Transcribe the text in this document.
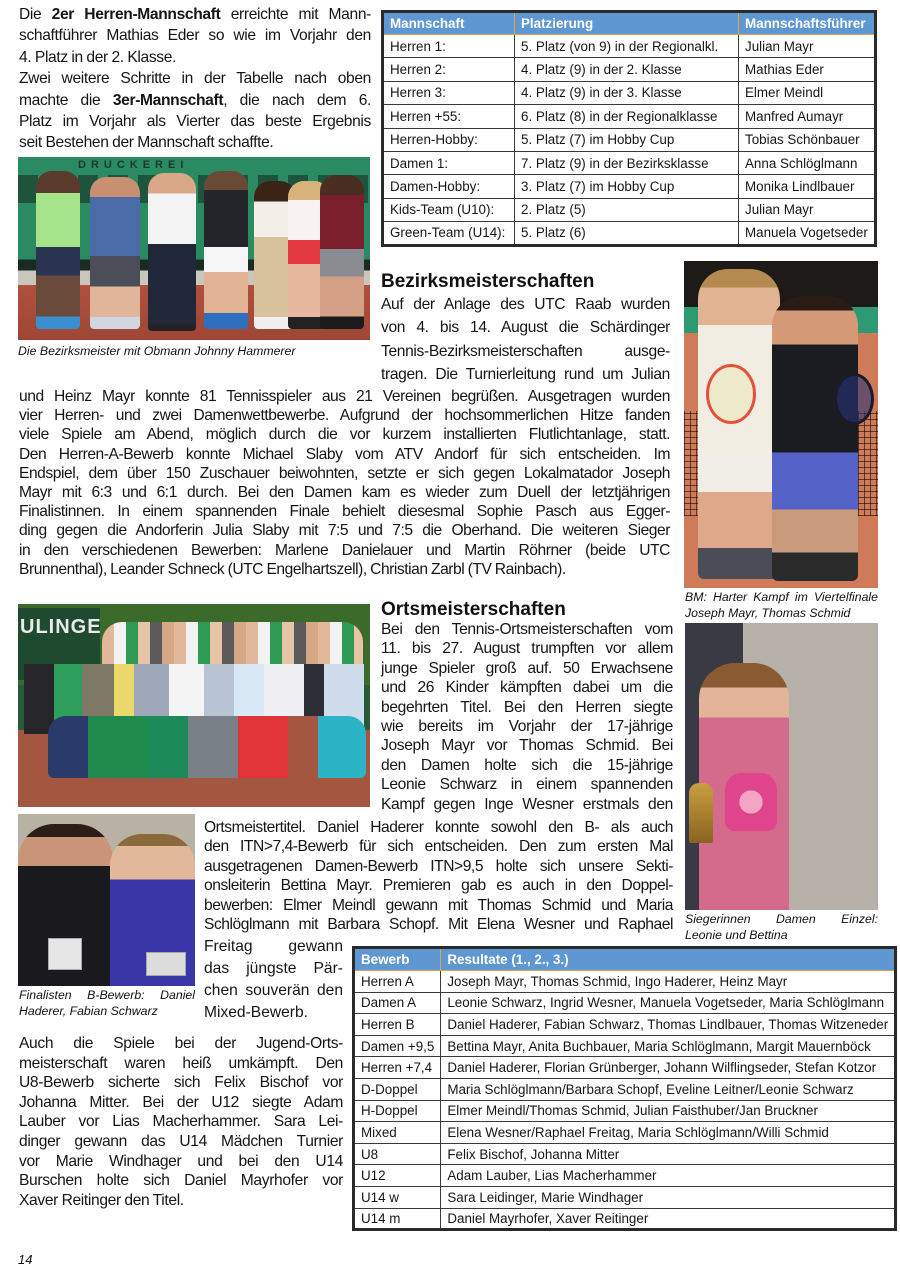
Die 2er Herren-Mannschaft erreichte mit Mann-
schaftführer Mathias Eder so wie im Vorjahr den
4. Platz in der 2. Klasse.
Zwei weitere Schritte in der Tabelle nach oben
machte die 3er-Mannschaft, die nach dem 6.
Platz im Vorjahr als Vierter das beste Ergebnis
seit Bestehen der Mannschaft schaffte.
Mannschaft	Platzierung	Mannschaftsführer
Herren 1:	5. Platz (von 9) in der Regionalkl.	Julian Mayr
Herren 2:	4. Platz (9) in der 2. Klasse	Mathias Eder
Herren 3:	4. Platz (9) in der 3. Klasse	Elmer Meindl
Herren +55:	6. Platz (8) in der Regionalklasse	Manfred Aumayr
Herren-Hobby:	5. Platz (7) im Hobby Cup	Tobias Schönbauer
Damen 1:	7. Platz (9) in der Bezirksklasse	Anna Schlöglmann
Damen-Hobby:	3. Platz (7) im Hobby Cup	Monika Lindlbauer
Kids-Team (U10):	2. Platz (5)	Julian Mayr
Green-Team (U14):	5. Platz (6)	Manuela Vogetseder
DRUCKEREI
Die Bezirksmeister mit Obmann Johnny Hammerer
Bezirksmeisterschaften
Auf der Anlage des UTC Raab wurden
von 4. bis 14. August die Schärdinger
Tennis-Bezirksmeisterschaften ausge-
tragen. Die Turnierleitung rund um Julian
und Heinz Mayr konnte 81 Tennisspieler aus 21 Vereinen begrüßen. Ausgetragen wurden
vier Herren- und zwei Damenwettbewerbe. Aufgrund der hochsommerlichen Hitze fanden
viele Spiele am Abend, möglich durch die vor kurzem installierten Flutlichtanlage, statt.
Den Herren-A-Bewerb konnte Michael Slaby vom ATV Andorf für sich entscheiden. Im
Endspiel, dem über 150 Zuschauer beiwohnten, setzte er sich gegen Lokalmatador Joseph
Mayr mit 6:3 und 6:1 durch. Bei den Damen kam es wieder zum Duell der letztjährigen
Finalistinnen. In einem spannenden Finale behielt diesesmal Sophie Pasch aus Egger-
ding gegen die Andorferin Julia Slaby mit 7:5 und 7:5 die Oberhand. Die weiteren Sieger
in den verschiedenen Bewerben: Marlene Danielauer und Martin Röhrner (beide UTC
Brunnenthal), Leander Schneck (UTC Engelhartszell), Christian Zarbl (TV Rainbach).
BM: Harter Kampf im Viertelfinale
Joseph Mayr, Thomas Schmid
ULINGE
Ortsmeisterschaften
Bei den Tennis-Ortsmeisterschaften vom
11. bis 27. August trumpften vor allem
junge Spieler groß auf. 50 Erwachsene
und 26 Kinder kämpften dabei um die
begehrten Titel. Bei den Herren siegte
wie bereits im Vorjahr der 17-jährige
Joseph Mayr vor Thomas Schmid. Bei
den Damen holte sich die 15-jährige
Leonie Schwarz in einem spannenden
Kampf gegen Inge Wesner erstmals den
Siegerinnen Damen Einzel:
Leonie und Bettina
Finalisten B-Bewerb: Daniel
Haderer, Fabian Schwarz
Ortsmeistertitel. Daniel Haderer konnte sowohl den B- als auch
den ITN>7,4-Bewerb für sich entscheiden. Den zum ersten Mal
ausgetragenen Damen-Bewerb ITN>9,5 holte sich unsere Sekti-
onsleiterin Bettina Mayr. Premieren gab es auch in den Doppel-
bewerben: Elmer Meindl gewann mit Thomas Schmid und Maria
Schlöglmann mit Barbara Schopf. Mit Elena Wesner und Raphael
Freitag gewann
das jüngste Pär-
chen souverän den
Mixed-Bewerb.
Bewerb	Resultate (1., 2., 3.)
Herren A	Joseph Mayr, Thomas Schmid, Ingo Haderer, Heinz Mayr
Damen A	Leonie Schwarz, Ingrid Wesner, Manuela Vogetseder, Maria Schlöglmann
Herren B	Daniel Haderer, Fabian Schwarz, Thomas Lindlbauer, Thomas Witzeneder
Damen +9,5	Bettina Mayr, Anita Buchbauer, Maria Schlöglmann, Margit Mauernböck
Herren +7,4	Daniel Haderer, Florian Grünberger, Johann Wilflingseder, Stefan Kotzor
D-Doppel	Maria Schlöglmann/Barbara Schopf, Eveline Leitner/Leonie Schwarz
H-Doppel	Elmer Meindl/Thomas Schmid, Julian Faisthuber/Jan Bruckner
Mixed	Elena Wesner/Raphael Freitag, Maria Schlöglmann/Willi Schmid
U8	Felix Bischof, Johanna Mitter
U12	Adam Lauber, Lias Macherhammer
U14 w	Sara Leidinger, Marie Windhager
U14 m	Daniel Mayrhofer, Xaver Reitinger
Auch die Spiele bei der Jugend-Orts-
meisterschaft waren heiß umkämpft. Den
U8-Bewerb sicherte sich Felix Bischof vor
Johanna Mitter. Bei der U12 siegte Adam
Lauber vor Lias Macherhammer. Sara Lei-
dinger gewann das U14 Mädchen Turnier
vor Marie Windhager und bei den U14
Burschen holte sich Daniel Mayrhofer vor
Xaver Reitinger den Titel.
14
